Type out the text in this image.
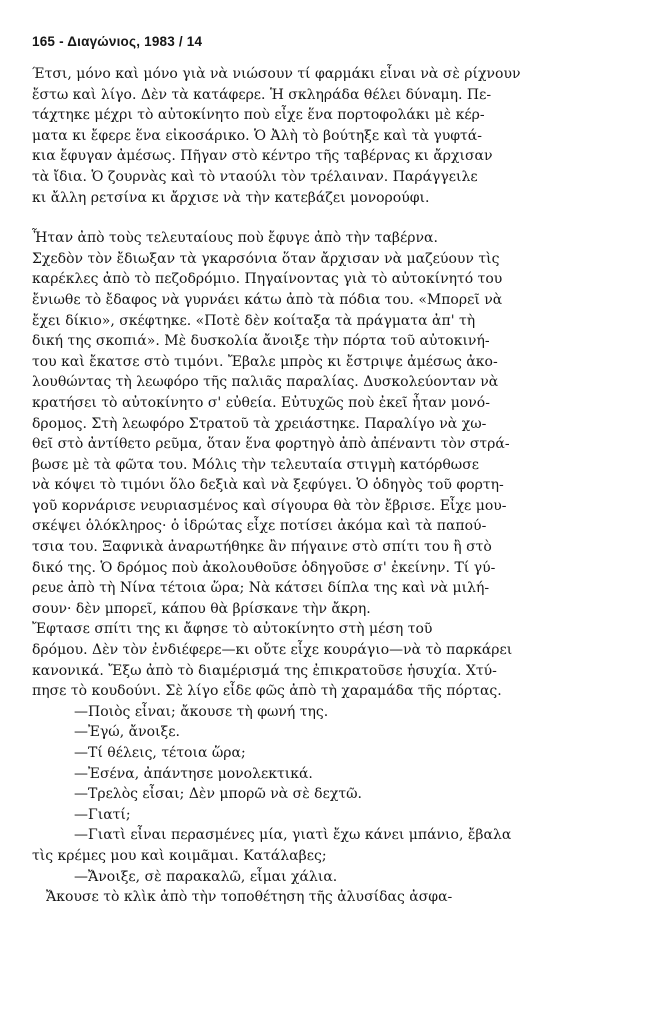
165 - Διαγώνιος, 1983 / 14
Έτσι, μόνο καὶ μόνο γιὰ νὰ νιώσουν τί φαρμάκι εἶναι νὰ σὲ ρίχνουν
ἔστω καὶ λίγο. Δὲν τὰ κατάφερε. Ἡ σκληράδα θέλει δύναμη. Πε-
τάχτηκε μέχρι τὸ αὐτοκίνητο ποὺ εἶχε ἕνα πορτοφολάκι μὲ κέρ-
ματα κι ἔφερε ἕνα εἰκοσάρικο. Ὁ Ἀλὴ τὸ βούτηξε καὶ τὰ γυφτά-
κια ἔφυγαν ἀμέσως. Πῆγαν στὸ κέντρο τῆς ταβέρνας κι ἄρχισαν
τὰ ἴδια. Ὁ ζουρνὰς καὶ τὸ νταούλι τὸν τρέλαιναν. Παράγγειλε
κι ἄλλη ρετσίνα κι ἄρχισε νὰ τὴν κατεβάζει μονορούφι.
Ἦταν ἀπὸ τοὺς τελευταίους ποὺ ἔφυγε ἀπὸ τὴν ταβέρνα.
Σχεδὸν τὸν ἔδιωξαν τὰ γκαρσόνια ὅταν ἄρχισαν νὰ μαζεύουν τὶς
καρέκλες ἀπὸ τὸ πεζοδρόμιο. Πηγαίνοντας γιὰ τὸ αὐτοκίνητό του
ἔνιωθε τὸ ἔδαφος νὰ γυρνάει κάτω ἀπὸ τὰ πόδια του. «Μπορεῖ νὰ
ἔχει δίκιο», σκέφτηκε. «Ποτὲ δὲν κοίταξα τὰ πράγματα ἀπ' τὴ
δική της σκοπιά». Μὲ δυσκολία ἄνοιξε τὴν πόρτα τοῦ αὐτοκινή-
του καὶ ἔκατσε στὸ τιμόνι. Ἔβαλε μπρὸς κι ἔστριψε ἀμέσως ἀκο-
λουθώντας τὴ λεωφόρο τῆς παλιᾶς παραλίας. Δυσκολεύονταν νὰ
κρατήσει τὸ αὐτοκίνητο σ' εὐθεία. Εὐτυχῶς ποὺ ἐκεῖ ἦταν μονό-
δρομος. Στὴ λεωφόρο Στρατοῦ τὰ χρειάστηκε. Παραλίγο νὰ χω-
θεῖ στὸ ἀντίθετο ρεῦμα, ὅταν ἕνα φορτηγὸ ἀπὸ ἀπέναντι τὸν στρά-
βωσε μὲ τὰ φῶτα του. Μόλις τὴν τελευταία στιγμὴ κατόρθωσε
νὰ κόψει τὸ τιμόνι ὅλο δεξιὰ καὶ νὰ ξεφύγει. Ὁ ὁδηγὸς τοῦ φορτη-
γοῦ κορνάρισε νευριασμένος καὶ σίγουρα θὰ τὸν ἔβρισε. Εἶχε μου-
σκέψει ὁλόκληρος· ὁ ἱδρώτας εἶχε ποτίσει ἀκόμα καὶ τὰ παπού-
τσια του. Ξαφνικὰ ἀναρωτήθηκε ἂν πήγαινε στὸ σπίτι του ἢ στὸ
δικό της. Ὁ δρόμος ποὺ ἀκολουθοῦσε ὁδηγοῦσε σ' ἐκείνην. Τί γύ-
ρευε ἀπὸ τὴ Νίνα τέτοια ὥρα; Νὰ κάτσει δίπλα της καὶ νὰ μιλή-
σουν· δὲν μπορεῖ, κάπου θὰ βρίσκανε τὴν ἄκρη.
Ἔφτασε σπίτι της κι ἄφησε τὸ αὐτοκίνητο στὴ μέση τοῦ
δρόμου. Δὲν τὸν ἐνδιέφερε—κι οὔτε εἶχε κουράγιο—νὰ τὸ παρκάρει
κανονικά. Ἔξω ἀπὸ τὸ διαμέρισμά της ἐπικρατοῦσε ἡσυχία. Χτύ-
πησε τὸ κουδούνι. Σὲ λίγο εἶδε φῶς ἀπὸ τὴ χαραμάδα τῆς πόρτας.
—Ποιὸς εἶναι; ἄκουσε τὴ φωνή της.
—Ἐγώ, ἄνοιξε.
—Τί θέλεις, τέτοια ὥρα;
—Ἐσένα, ἀπάντησε μονολεκτικά.
—Τρελὸς εἶσαι; Δὲν μπορῶ νὰ σὲ δεχτῶ.
—Γιατί;
—Γιατὶ εἶναι περασμένες μία, γιατὶ ἔχω κάνει μπάνιο, ἔβαλα
τὶς κρέμες μου καὶ κοιμᾶμαι. Κατάλαβες;
—Ἄνοιξε, σὲ παρακαλῶ, εἶμαι χάλια.
Ἄκουσε τὸ κλὶκ ἀπὸ τὴν τοποθέτηση τῆς ἀλυσίδας ἀσφα-
